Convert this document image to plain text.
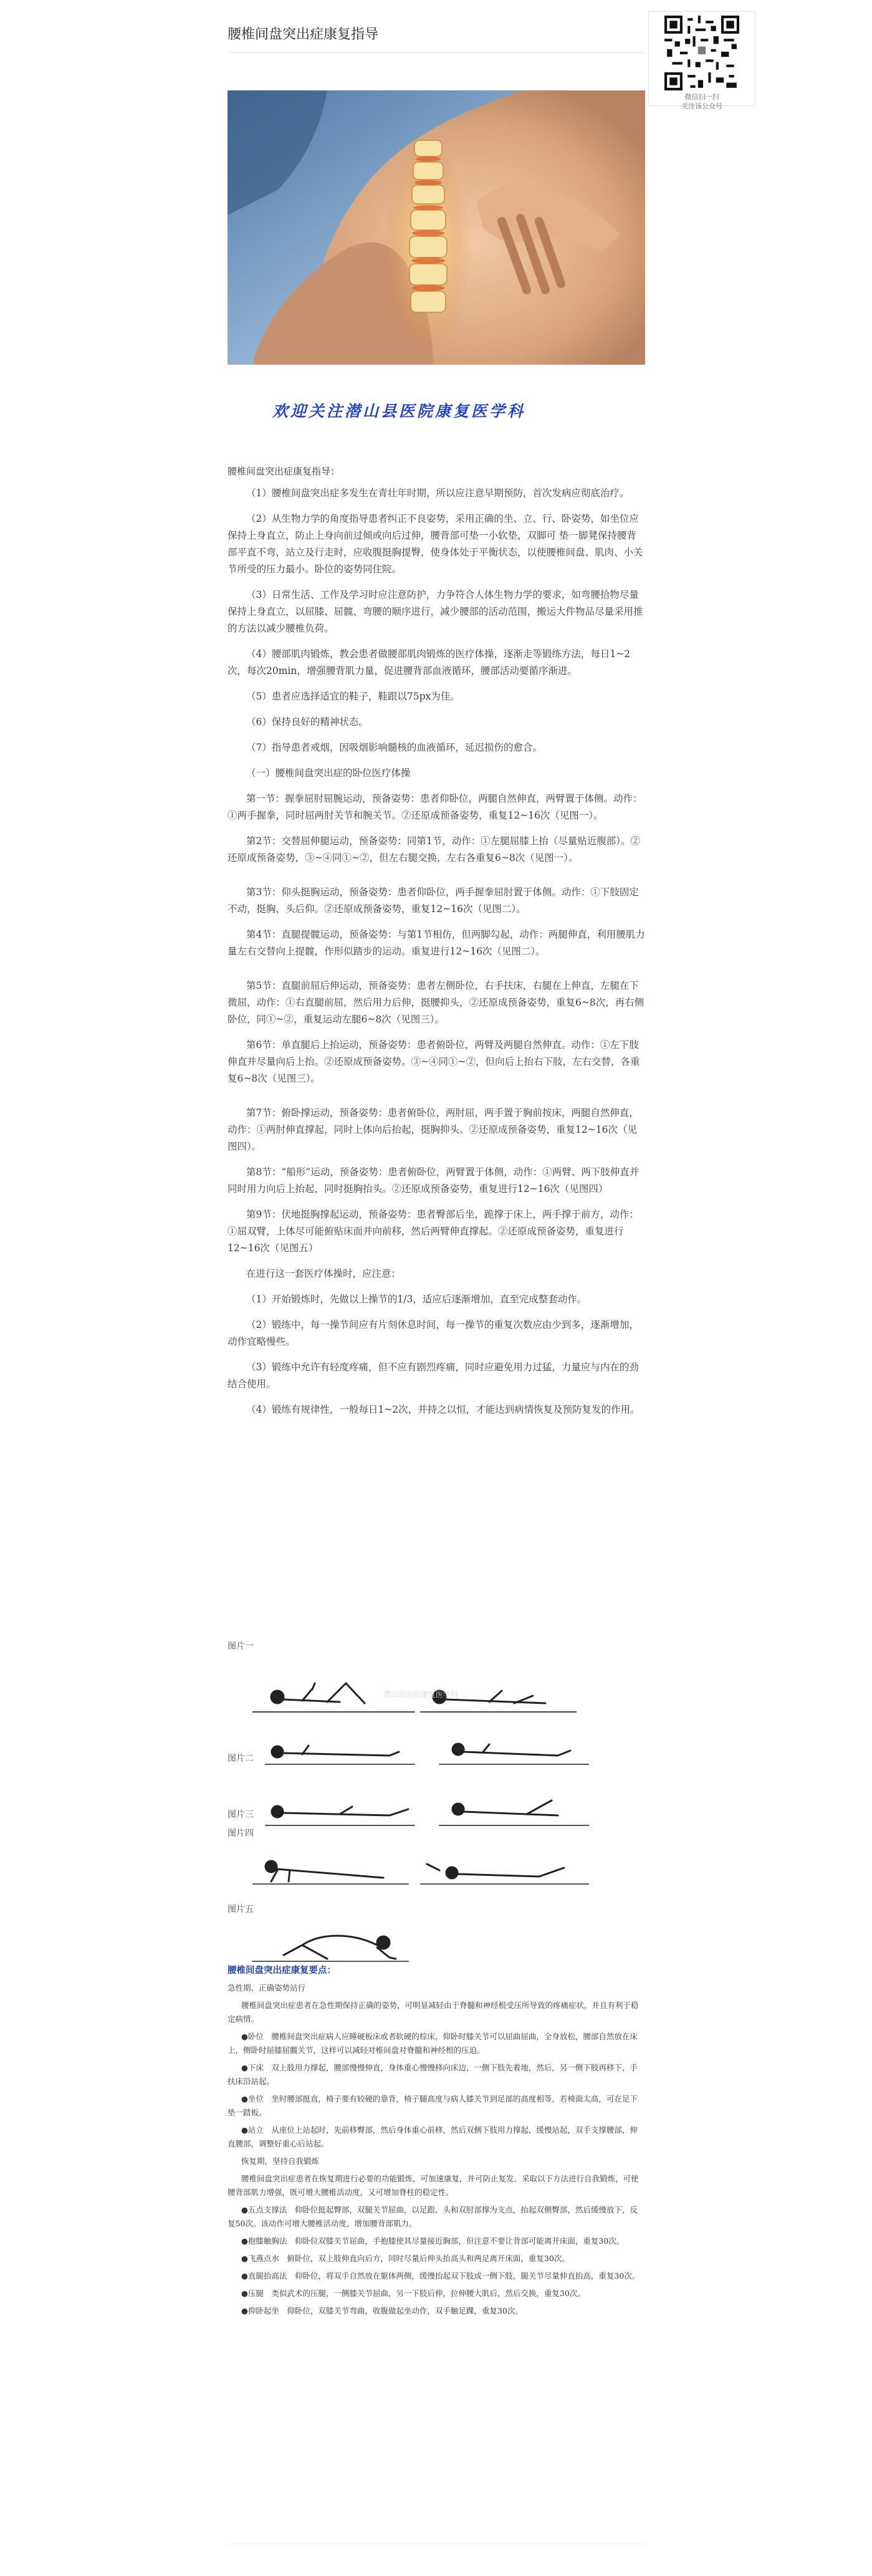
微信扫一扫
关注该公众号
腰椎间盘突出症康复指导
欢迎关注潜山县医院康复医学科
腰椎间盘突出症康复指导：

（1）腰椎间盘突出症多发生在青壮年时期，所以应注意早期预防，首次发病应彻底治疗。

（2）从生物力学的角度指导患者纠正不良姿势，采用正确的坐、立、行、卧姿势，如坐位应保持上身直立，防止上身向前过倾或向后过伸，腰背部可垫一小软垫，双脚可 垫一脚凳保持腰背部平直不弯，站立及行走时，应收腹挺胸提臀，使身体处于平衡状态，以使腰椎间盘、肌肉、小关节所受的压力最小。卧位的姿势同住院。

（3）日常生活、工作及学习时应注意防护，力争符合人体生物力学的要求，如弯腰拾物尽量保持上身直立，以屈膝、屈髋、弯腰的顺序进行，减少腰部的活动范围，搬运大件物品尽量采用推的方法以减少腰椎负荷。

（4）腰部肌肉锻炼，教会患者做腰部肌肉锻炼的医疗体操，逐渐走等锻练方法，每日1~2次，每次20min，增强腰背肌力量，促进腰背部血液循环，腰部活动要循序渐进。

（5）患者应选择适宜的鞋子，鞋跟以75px为佳。

（6）保持良好的精神状态。

（7）指导患者戒烟，因吸烟影响髓核的血液循环，延迟损伤的愈合。

（一）腰椎间盘突出症的卧位医疗体操

第一节：握拳屈肘屈腕运动，预备姿势：患者仰卧位，两腿自然伸直，两臂置于体侧。动作：①两手握拳，同时屈两肘关节和腕关节。②还原成预备姿势，重复12~16次（见图一）。

第2节：交替屈伸腿运动，预备姿势：同第1节，动作：①左腿屈膝上抬（尽量贴近腹部）。②还原成预备姿势，③~④同①~②，但左右腿交换，左右各重复6~8次（见图一）。

第3节：仰头挺胸运动，预备姿势：患者仰卧位，两手握拳屈肘置于体侧。动作：①下肢固定不动，挺胸，头后仰。②还原成预备姿势，重复12~16次（见图二）。

第4节：直腿提髋运动，预备姿势：与第1节相仿，但两脚勾起，动作：两腿伸直，利用腰肌力量左右交替向上提髋，作形似踏步的运动。重复进行12~16次（见图二）。

第5节：直腿前屈后伸运动，预备姿势：患者左侧卧位，右手扶床，右腿在上伸直，左腿在下微屈，动作：①右直腿前屈，然后用力后伸，挺腰抑头，②还原成预备姿势，重复6~8次，再右侧卧位，同①~②，重复运动左腿6~8次（见图三）。

第6节：单直腿后上抬运动，预备姿势：患者俯卧位，两臂及两腿自然伸直。动作：①左下肢伸直并尽量向后上抬。②还原成预备姿势。③~④同①~②，但向后上抬右下肢，左右交替，各重复6~8次（见图三）。

第7节：俯卧撑运动，预备姿势：患者俯卧位，两肘屈，两手置于胸前按床，两腿自然伸直，动作：①两肘伸直撑起，同时上体向后抬起，挺胸抑头。②还原成预备姿势，重复12~16次（见图四）。

第8节：“船形”运动，预备姿势：患者俯卧位，两臂置于体侧，动作：①两臂、两下肢伸直并同时用力向后上抬起，同时挺胸抬头。②还原成预备姿势，重复进行12~16次（见图四）

第9节：伏地挺胸撑起运动，预备姿势：患者臀部后坐，跪撑于床上，两手撑于前方，动作：①屈双臂，上体尽可能俯贴床面并向前移，然后两臂伸直撑起。②还原成预备姿势，重复进行12~16次（见图五）

在进行这一套医疗体操时，应注意：

（1）开始锻炼时，先做以上操节的1/3，适应后逐渐增加，直至完成整套动作。

（2）锻练中，每一操节间应有片刻休息时间，每一操节的重复次数应由少到多，逐渐增加，动作宜略慢些。

（3）锻练中允许有轻度疼痛，但不应有剧烈疼痛，同时应避免用力过猛，力量应与内在的劲结合使用。

（4）锻练有规律性，一般每日1~2次，并持之以恒，才能达到病情恢复及预防复发的作用。

图片一
潜山县医院康复医学科
图片二
图片三
图片四
图片五
腰椎间盘突出症康复要点：

急性期、正确姿势站行

腰椎间盘突出症患者在急性期保持正确的姿势，可明显减轻由于脊髓和神经根受压所导致的疼痛症状，并且有利于稳定病情。

●卧位　腰椎间盘突出症病人应睡硬板床或者软硬的棕床，仰卧时膝关节可以屈曲屈曲，全身放松，腰部自然放在床上，侧卧时屈膝屈髋关节，这样可以减轻对椎间盘对脊髓和神经根的压迫。

●下床　双上肢用力撑起，腰部慢慢伸直，身体重心慢慢移向床边，一侧下肢先着地，然后，另一侧下肢再移下，手扶床沿站起。

●坐位　坐时腰部挺直，椅子要有较硬的靠背，椅子腿高度与病人膝关节到足部的高度相等，若椅面太高，可在足下垫一踏板。

●站立　从座位上站起时，先前移臀部，然后身体重心前移，然后双侧下肢用力撑起，缓慢站起，双手支撑腰部，伸直腰部，调整好重心后站起。

恢复期，坚持自我锻炼

腰椎间盘突出症患者在恢复期进行必要的功能锻炼，可加速康复，并可防止复发。采取以下方法进行自我锻炼，可使腰背部肌力增强，既可增大腰椎活动度，又可增加脊柱的稳定性。

●五点支撑法　仰卧位挺起臀部，双腿关节屈曲，以足跟、头和双肘部撑为支点，抬起双侧臀部，然后缓慢放下，反复50次。该动作可增大腰椎活动度，增加腰背部肌力。

●抱膝触胸法　仰卧位双膝关节屈曲，手抱膝使其尽量接近胸部，但注意不要让背部可能离开床面，重复30次。

●飞燕点水　俯卧位，双上肢伸直向后方，同时尽量后伸头抬高头和两足离开床面，重复30次。

●直腿抬高法　仰卧位，将双手自然放在躯体两侧，缓慢抬起双下肢成一侧下肢，腿关节尽量伸直抬高，重复30次。

●压腿　类似武术的压腿，一侧膝关节屈曲，另一下肢后伸，拉伸腰大肌后，然后交换，重复30次。

●抑卧起坐　仰卧位，双膝关节弯曲，收腹做起坐动作，双手触足踝，重复30次。
